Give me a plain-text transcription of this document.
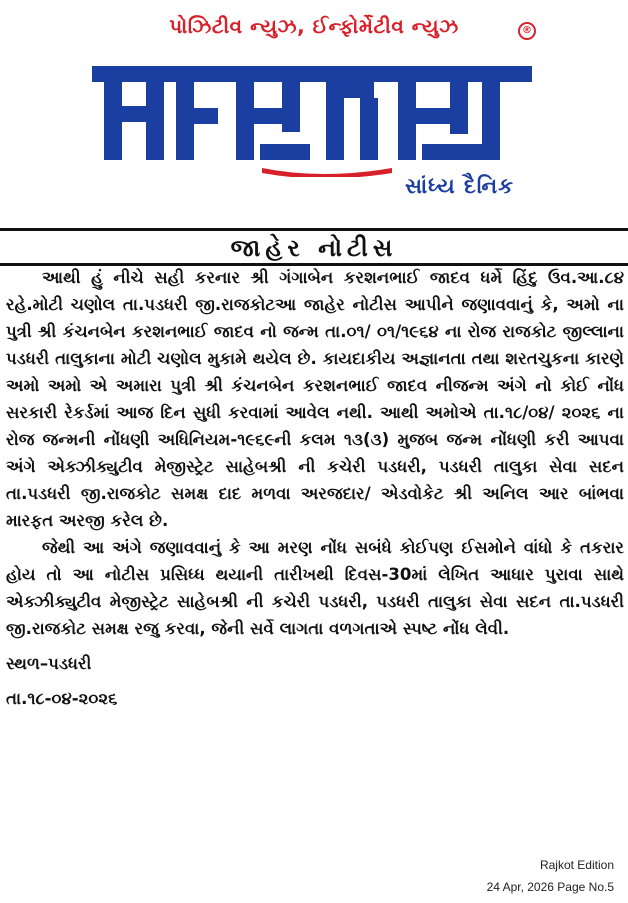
પોઝિટીવ ન્યુઝ, ઈન્ફોર્મેટીવ ન્યુઝ	®
સાંધ્ય દૈનિક
જાહેર નોટીસ

આથી હું નીચે સહી કરનાર શ્રી ગંગાબેન કરશનભાઈ જાદવ ધર્મે હિંદુ ઉવ.આ.૮૪ રહે.મોટી ચણોલ તા.પડધરી જી.રાજકોટઆ જાહેર નોટીસ આપીને જણાવવાનું કે, અમો ના પુત્રી શ્રી કંચનબેન કરશનભાઈ જાદવ નો જન્મ તા.૦૧/ ૦૧/૧૯૬૪ ના રોજ રાજકોટ જીલ્લાના પડધરી તાલુકાના મોટી ચણોલ મુકામે થયેલ છે. કાયદાકીય અજ્ઞાનતા તથા શરતચુકના કારણે અમો અમો એ અમારા પુત્રી શ્રી કંચનબેન કરશનભાઈ જાદવ નીજન્મ અંગે નો કોઈ નોંધ સરકારી રેકર્ડમાં આજ દિન સુધી કરવામાં આવેલ નથી. આથી અમોએ તા.૧૮/૦૪/ ૨૦૨૬ ના રોજ જન્મની નોંધણી અધિનિયમ-૧૯૬૯ની કલમ ૧૩(૩) મુજબ જન્મ નોંધણી કરી આપવા અંગે એક્ઝીક્યુટીવ મેજીસ્ટ્રેટ સાહેબશ્રી ની કચેરી પડધરી, પડધરી તાલુકા સેવા સદન તા.પડધરી જી.રાજકોટ સમક્ષ દાદ મળવા અરજદાર/ એડવોકેટ શ્રી અનિલ આર બાંભવા મારફત અરજી કરેલ છે.

જેથી આ અંગે જણાવવાનું કે આ મરણ નોંધ સબંધે કોઈપણ ઈસમોને વાંધો કે તકરાર હોય તો આ નોટીસ પ્રસિધ્ધ થયાની તારીખથી દિવસ-30માં લેખિત આધાર પુરાવા સાથે એક્ઝીક્યુટીવ મેજીસ્ટ્રેટ સાહેબશ્રી ની કચેરી પડધરી, પડધરી તાલુકા સેવા સદન તા.પડધરી જી.રાજકોટ સમક્ષ રજુ કરવા, જેની સર્વે લાગતા વળગતાએ સ્પષ્ટ નોંધ લેવી.

સ્થળ–પડધરી

તા.૧૮-૦૪-૨૦૨૬

Rajkot Edition
24 Apr, 2026 Page No.5
